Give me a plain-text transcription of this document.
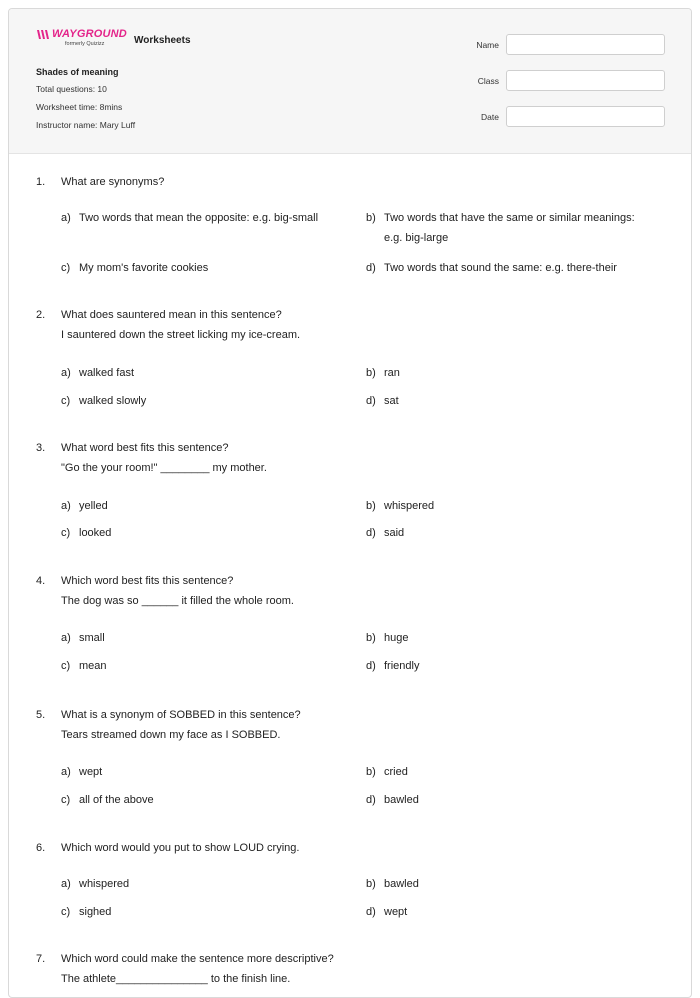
WAYGROUND
formerly Quizizz	Worksheets
Shades of meaning
Total questions: 10
Worksheet time: 8mins
Instructor name: Mary Luff
Name
Class
Date
1.	What are synonyms?
a) Two words that mean the opposite: e.g. big-small	b) Two words that have the same or similar meanings:
e.g. big-large
c) My mom's favorite cookies	d) Two words that sound the same: e.g. there-their
2.	What does sauntered mean in this sentence?
I sauntered down the street licking my ice-cream.
a) walked fast	b) ran
c) walked slowly	d) sat
3.	What word best fits this sentence?
"Go the your room!" ________ my mother.
a) yelled	b) whispered
c) looked	d) said
4.	Which word best fits this sentence?
The dog was so ______ it filled the whole room.
a) small	b) huge
c) mean	d) friendly
5.	What is a synonym of SOBBED in this sentence?
Tears streamed down my face as I SOBBED.
a) wept	b) cried
c) all of the above	d) bawled
6.	Which word would you put to show LOUD crying.
a) whispered	b) bawled
c) sighed	d) wept
7.	Which word could make the sentence more descriptive?
The athlete_______________ to the finish line.
